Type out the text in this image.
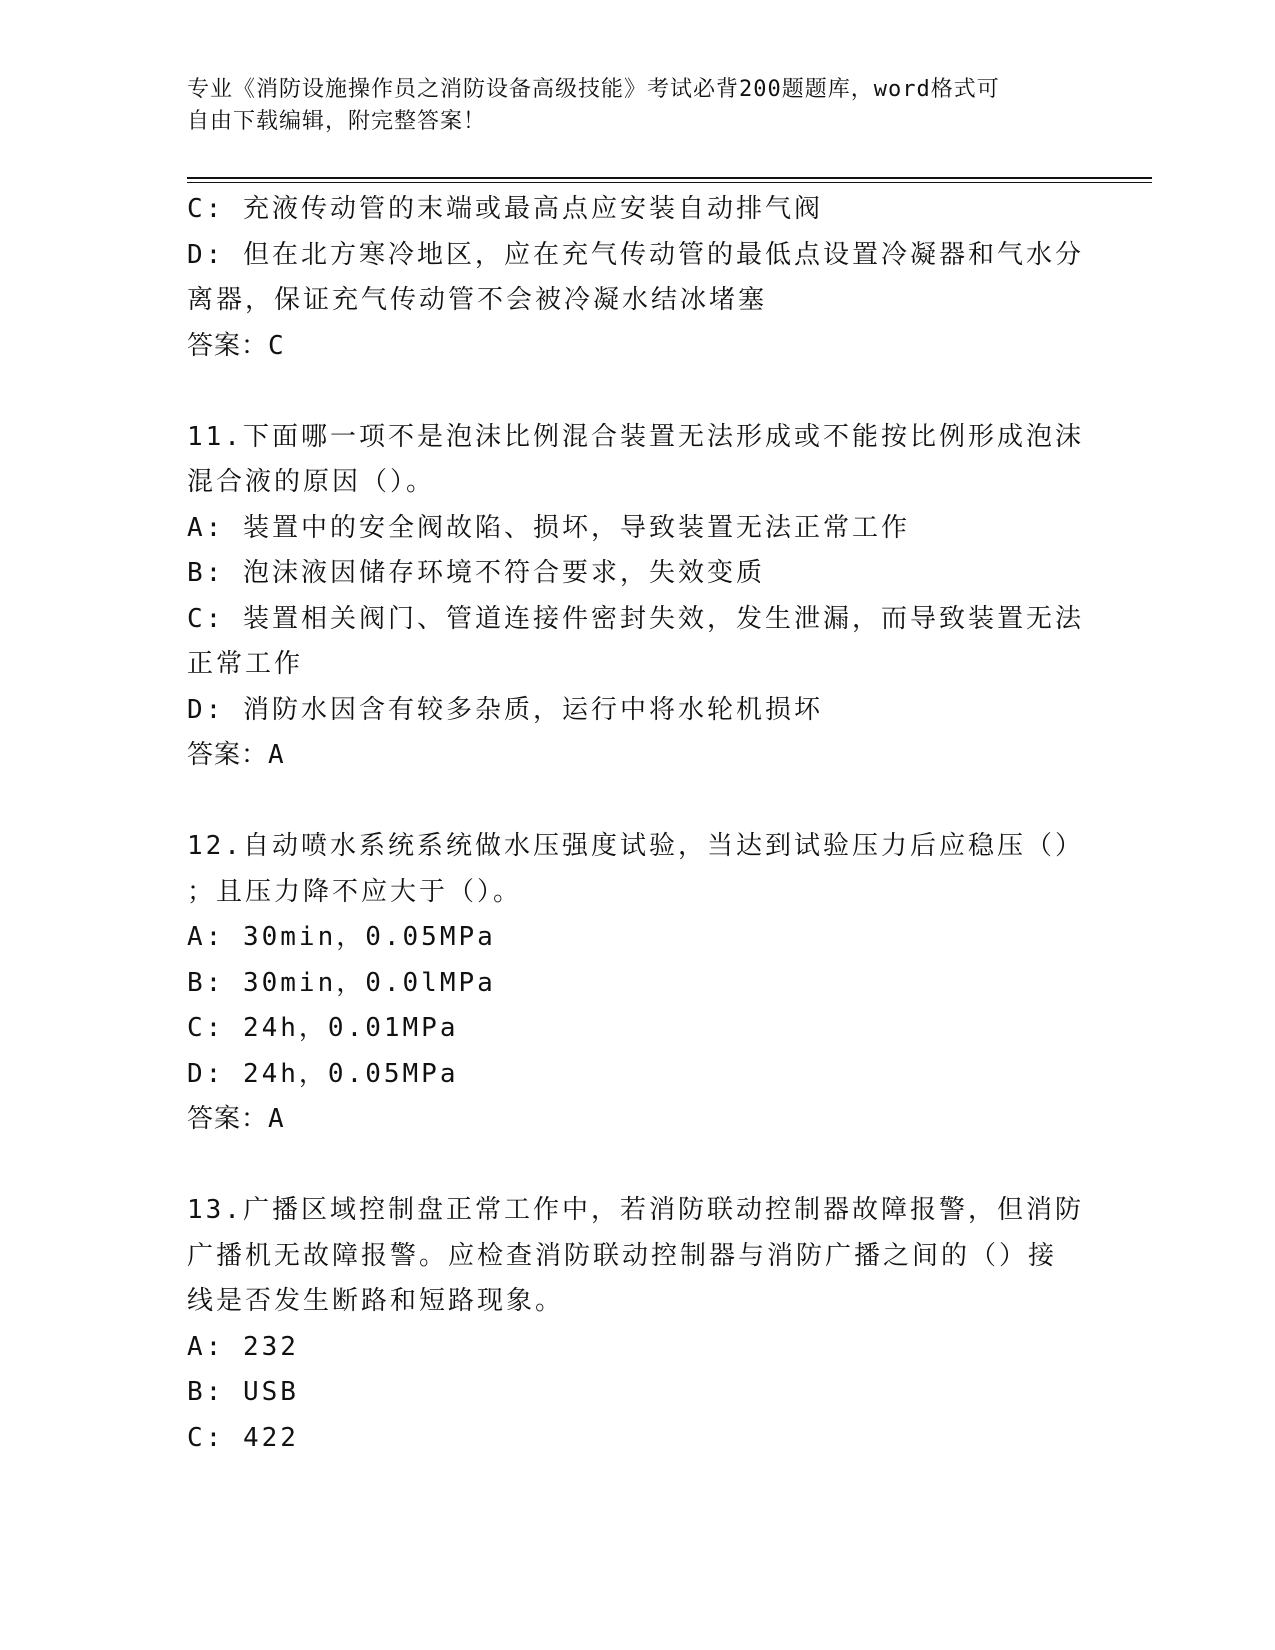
专业《消防设施操作员之消防设备高级技能》考试必背200题题库，word格式可
自由下载编辑，附完整答案！
C: 充液传动管的末端或最高点应安装自动排气阀
D: 但在北方寒冷地区，应在充气传动管的最低点设置冷凝器和气水分
离器，保证充气传动管不会被冷凝水结冰堵塞
答案：C
11.下面哪一项不是泡沫比例混合装置无法形成或不能按比例形成泡沫
混合液的原因（）。
A: 装置中的安全阀故陷、损坏，导致装置无法正常工作
B: 泡沫液因储存环境不符合要求，失效变质
C: 装置相关阀门、管道连接件密封失效，发生泄漏，而导致装置无法
正常工作
D: 消防水因含有较多杂质，运行中将水轮机损坏
答案：A
12.自动喷水系统系统做水压强度试验，当达到试验压力后应稳压（）
；且压力降不应大于（）。
A: 30min，0.05MPa
B: 30min，0.0lMPa
C: 24h，0.01MPa
D: 24h，0.05MPa
答案：A
13.广播区域控制盘正常工作中，若消防联动控制器故障报警，但消防
广播机无故障报警。应检查消防联动控制器与消防广播之间的（）接
线是否发生断路和短路现象。
A: 232
B: USB
C: 422
